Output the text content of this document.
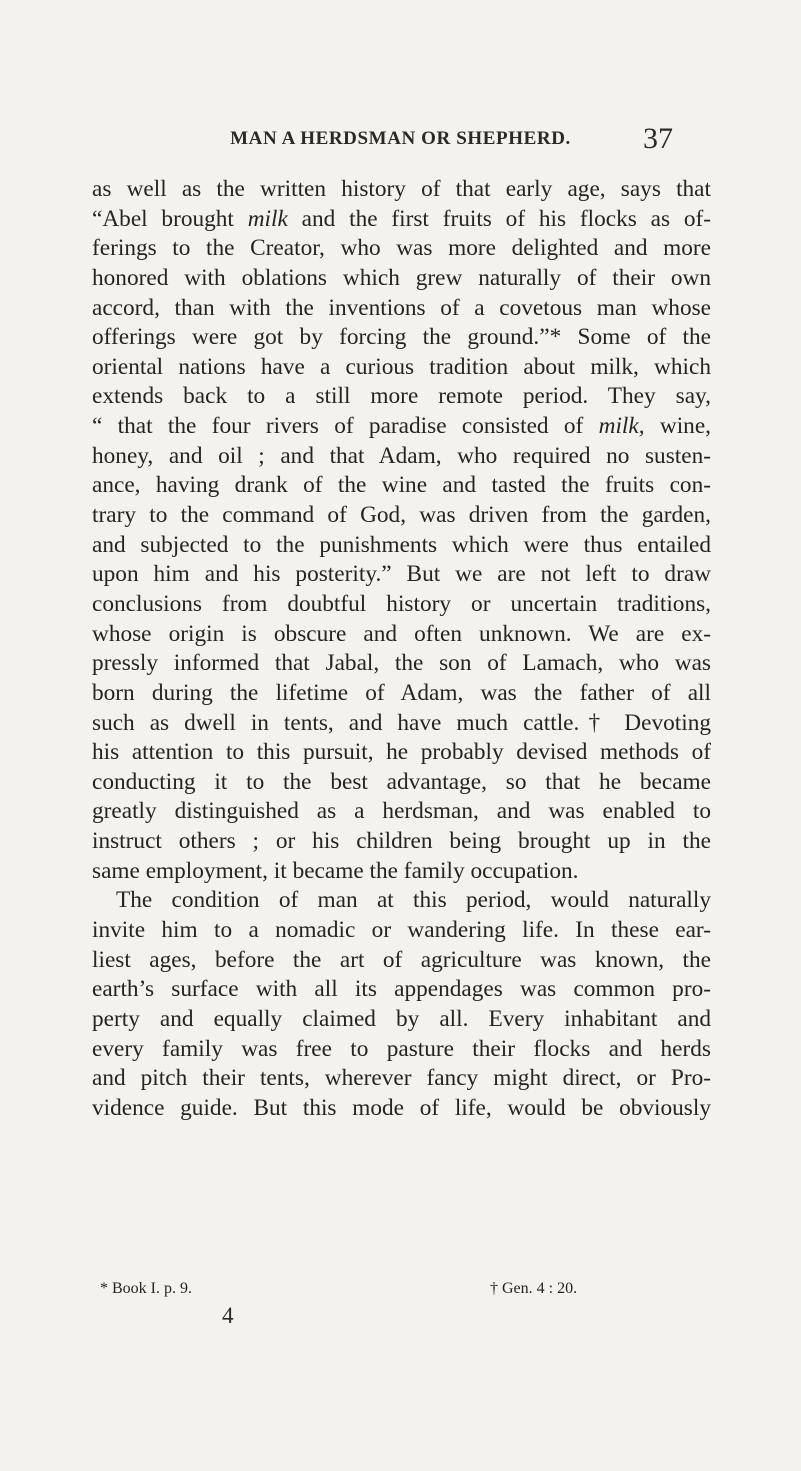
MAN A HERDSMAN OR SHEPHERD.	37
as well as the written history of that early age, says that
“Abel brought milk and the first fruits of his flocks as of-
ferings to the Creator, who was more delighted and more
honored with oblations which grew naturally of their own
accord, than with the inventions of a covetous man whose
offerings were got by forcing the ground.”* Some of the
oriental nations have a curious tradition about milk, which
extends back to a still more remote period. They say,
“ that the four rivers of paradise consisted of milk, wine,
honey, and oil ; and that Adam, who required no susten-
ance, having drank of the wine and tasted the fruits con-
trary to the command of God, was driven from the garden,
and subjected to the punishments which were thus entailed
upon him and his posterity.” But we are not left to draw
conclusions from doubtful history or uncertain traditions,
whose origin is obscure and often unknown. We are ex-
pressly informed that Jabal, the son of Lamach, who was
born during the lifetime of Adam, was the father of all
such as dwell in tents, and have much cattle.† Devoting
his attention to this pursuit, he probably devised methods of
conducting it to the best advantage, so that he became
greatly distinguished as a herdsman, and was enabled to
instruct others ; or his children being brought up in the
same employment, it became the family occupation.
The condition of man at this period, would naturally
invite him to a nomadic or wandering life. In these ear-
liest ages, before the art of agriculture was known, the
earth’s surface with all its appendages was common pro-
perty and equally claimed by all. Every inhabitant and
every family was free to pasture their flocks and herds
and pitch their tents, wherever fancy might direct, or Pro-
vidence guide. But this mode of life, would be obviously
* Book I. p. 9.	† Gen. 4 : 20.
4
